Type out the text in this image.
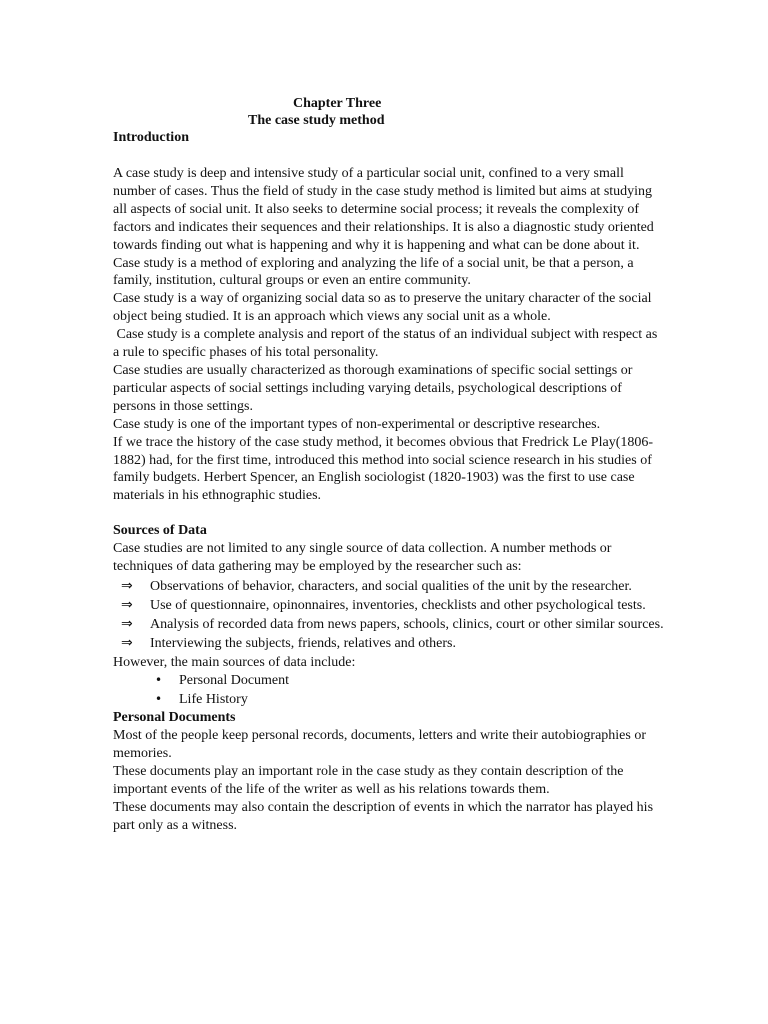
Chapter Three
The case study method
Introduction

A case study is deep and intensive study of a particular social unit, confined to a very small number of cases. Thus the field of study in the case study method is limited but aims at studying all aspects of social unit. It also seeks to determine social process; it reveals the complexity of factors and indicates their sequences and their relationships. It is also a diagnostic study oriented towards finding out what is happening and why it is happening and what can be done about it.

Case study is a method of exploring and analyzing the life of a social unit, be that a person, a family, institution, cultural groups or even an entire community.

Case study is a way of organizing social data so as to preserve the unitary character of the social object being studied. It is an approach which views any social unit as a whole.

Case study is a complete analysis and report of the status of an individual subject with respect as a rule to specific phases of his total personality.

Case studies are usually characterized as thorough examinations of specific social settings or particular aspects of social settings including varying details, psychological descriptions of persons in those settings.

Case study is one of the important types of non-experimental or descriptive researches.

If we trace the history of the case study method, it becomes obvious that Fredrick Le Play(1806-1882) had, for the first time, introduced this method into social science research in his studies of family budgets. Herbert Spencer, an English sociologist (1820-1903) was the first to use case materials in his ethnographic studies.

Sources of Data

Case studies are not limited to any single source of data collection. A number methods or techniques of data gathering may be employed by the researcher such as:

⇒ Observations of behavior, characters, and social qualities of the unit by the researcher.
⇒ Use of questionnaire, opinonnaires, inventories, checklists and other psychological tests.
⇒ Analysis of recorded data from news papers, schools, clinics, court or other similar sources.
⇒ Interviewing the subjects, friends, relatives and others.

However, the main sources of data include:

• Personal Document
• Life History
Personal Documents

Most of the people keep personal records, documents, letters and write their autobiographies or memories.

These documents play an important role in the case study as they contain description of the important events of the life of the writer as well as his relations towards them.

These documents may also contain the description of events in which the narrator has played his part only as a witness.
